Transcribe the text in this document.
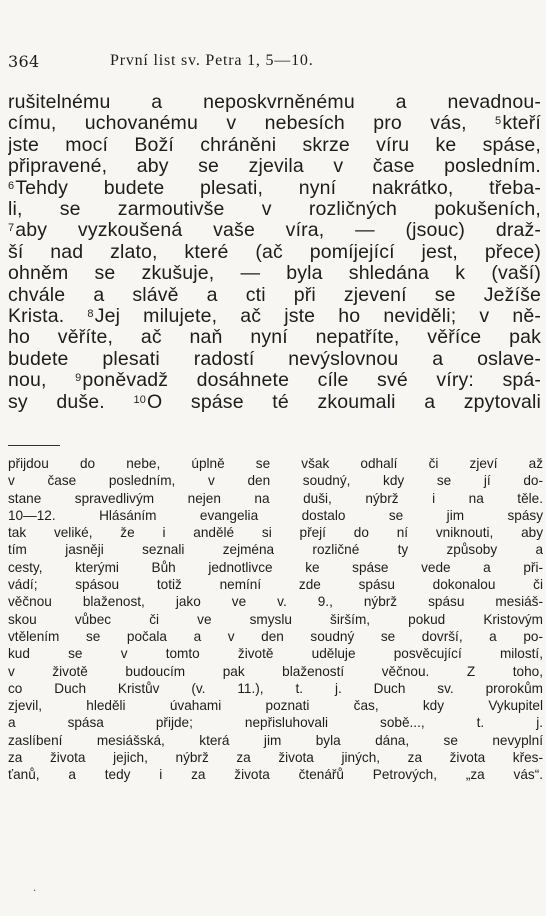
364	První list sv. Petra 1, 5—10.
rušitelnému a neposkvrněnému a nevadnou-
címu, uchovanému v nebesích pro vás, $^5$kteří
jste mocí Boží chráněni skrze víru ke spáse,
připravené, aby se zjevila v čase posledním.
$^6$Tehdy budete plesati, nyní nakrátko, třeba-
li, se zarmoutivše v rozličných pokušeních,
$^7$aby vyzkoušená vaše víra, — (jsouc) draž-
ší nad zlato, které (ač pomíjející jest, přece)
ohněm se zkušuje, — byla shledána k (vaší)
chvále a slávě a cti při zjevení se Ježíše
Krista. $^8$Jej milujete, ač jste ho neviděli; v ně-
ho věříte, ač naň nyní nepatříte, věříce pak
budete plesati radostí nevýslovnou a oslave-
nou, $^9$poněvadž dosáhnete cíle své víry: spá-
sy duše. $^{10}$O spáse té zkoumali a zpytovali
přijdou do nebe, úplně se však odhalí či zjeví až
v čase posledním, v den soudný, kdy se jí do-
stane spravedlivým nejen na duši, nýbrž i na těle.
10—12. Hlásáním evangelia dostalo se jim spásy
tak veliké, že i andělé si přejí do ní vniknouti, aby
tím jasněji seznali zejména rozličné ty způsoby a
cesty, kterými Bůh jednotlivce ke spáse vede a při-
vádí; spásou totiž nemíní zde spásu dokonalou či
věčnou blaženost, jako ve v. 9., nýbrž spásu mesiáš-
skou vůbec či ve smyslu širším, pokud Kristovým
vtělením se počala a v den soudný se dovrší, a po-
kud se v tomto životě uděluje posvěcující milostí,
v životě budoucím pak blažeností věčnou. Z toho,
co Duch Kristův (v. 11.), t. j. Duch sv. prorokům
zjevil, hleděli úvahami poznati čas, kdy Vykupitel
a spása přijde; nepřisluhovali sobě..., t. j.
zaslíbení mesiášská, která jim byla dána, se nevyplní
za života jejich, nýbrž za života jiných, za života křes-
ťanů, a tedy i za života čtenářů Petrových, „za vás“.
.
